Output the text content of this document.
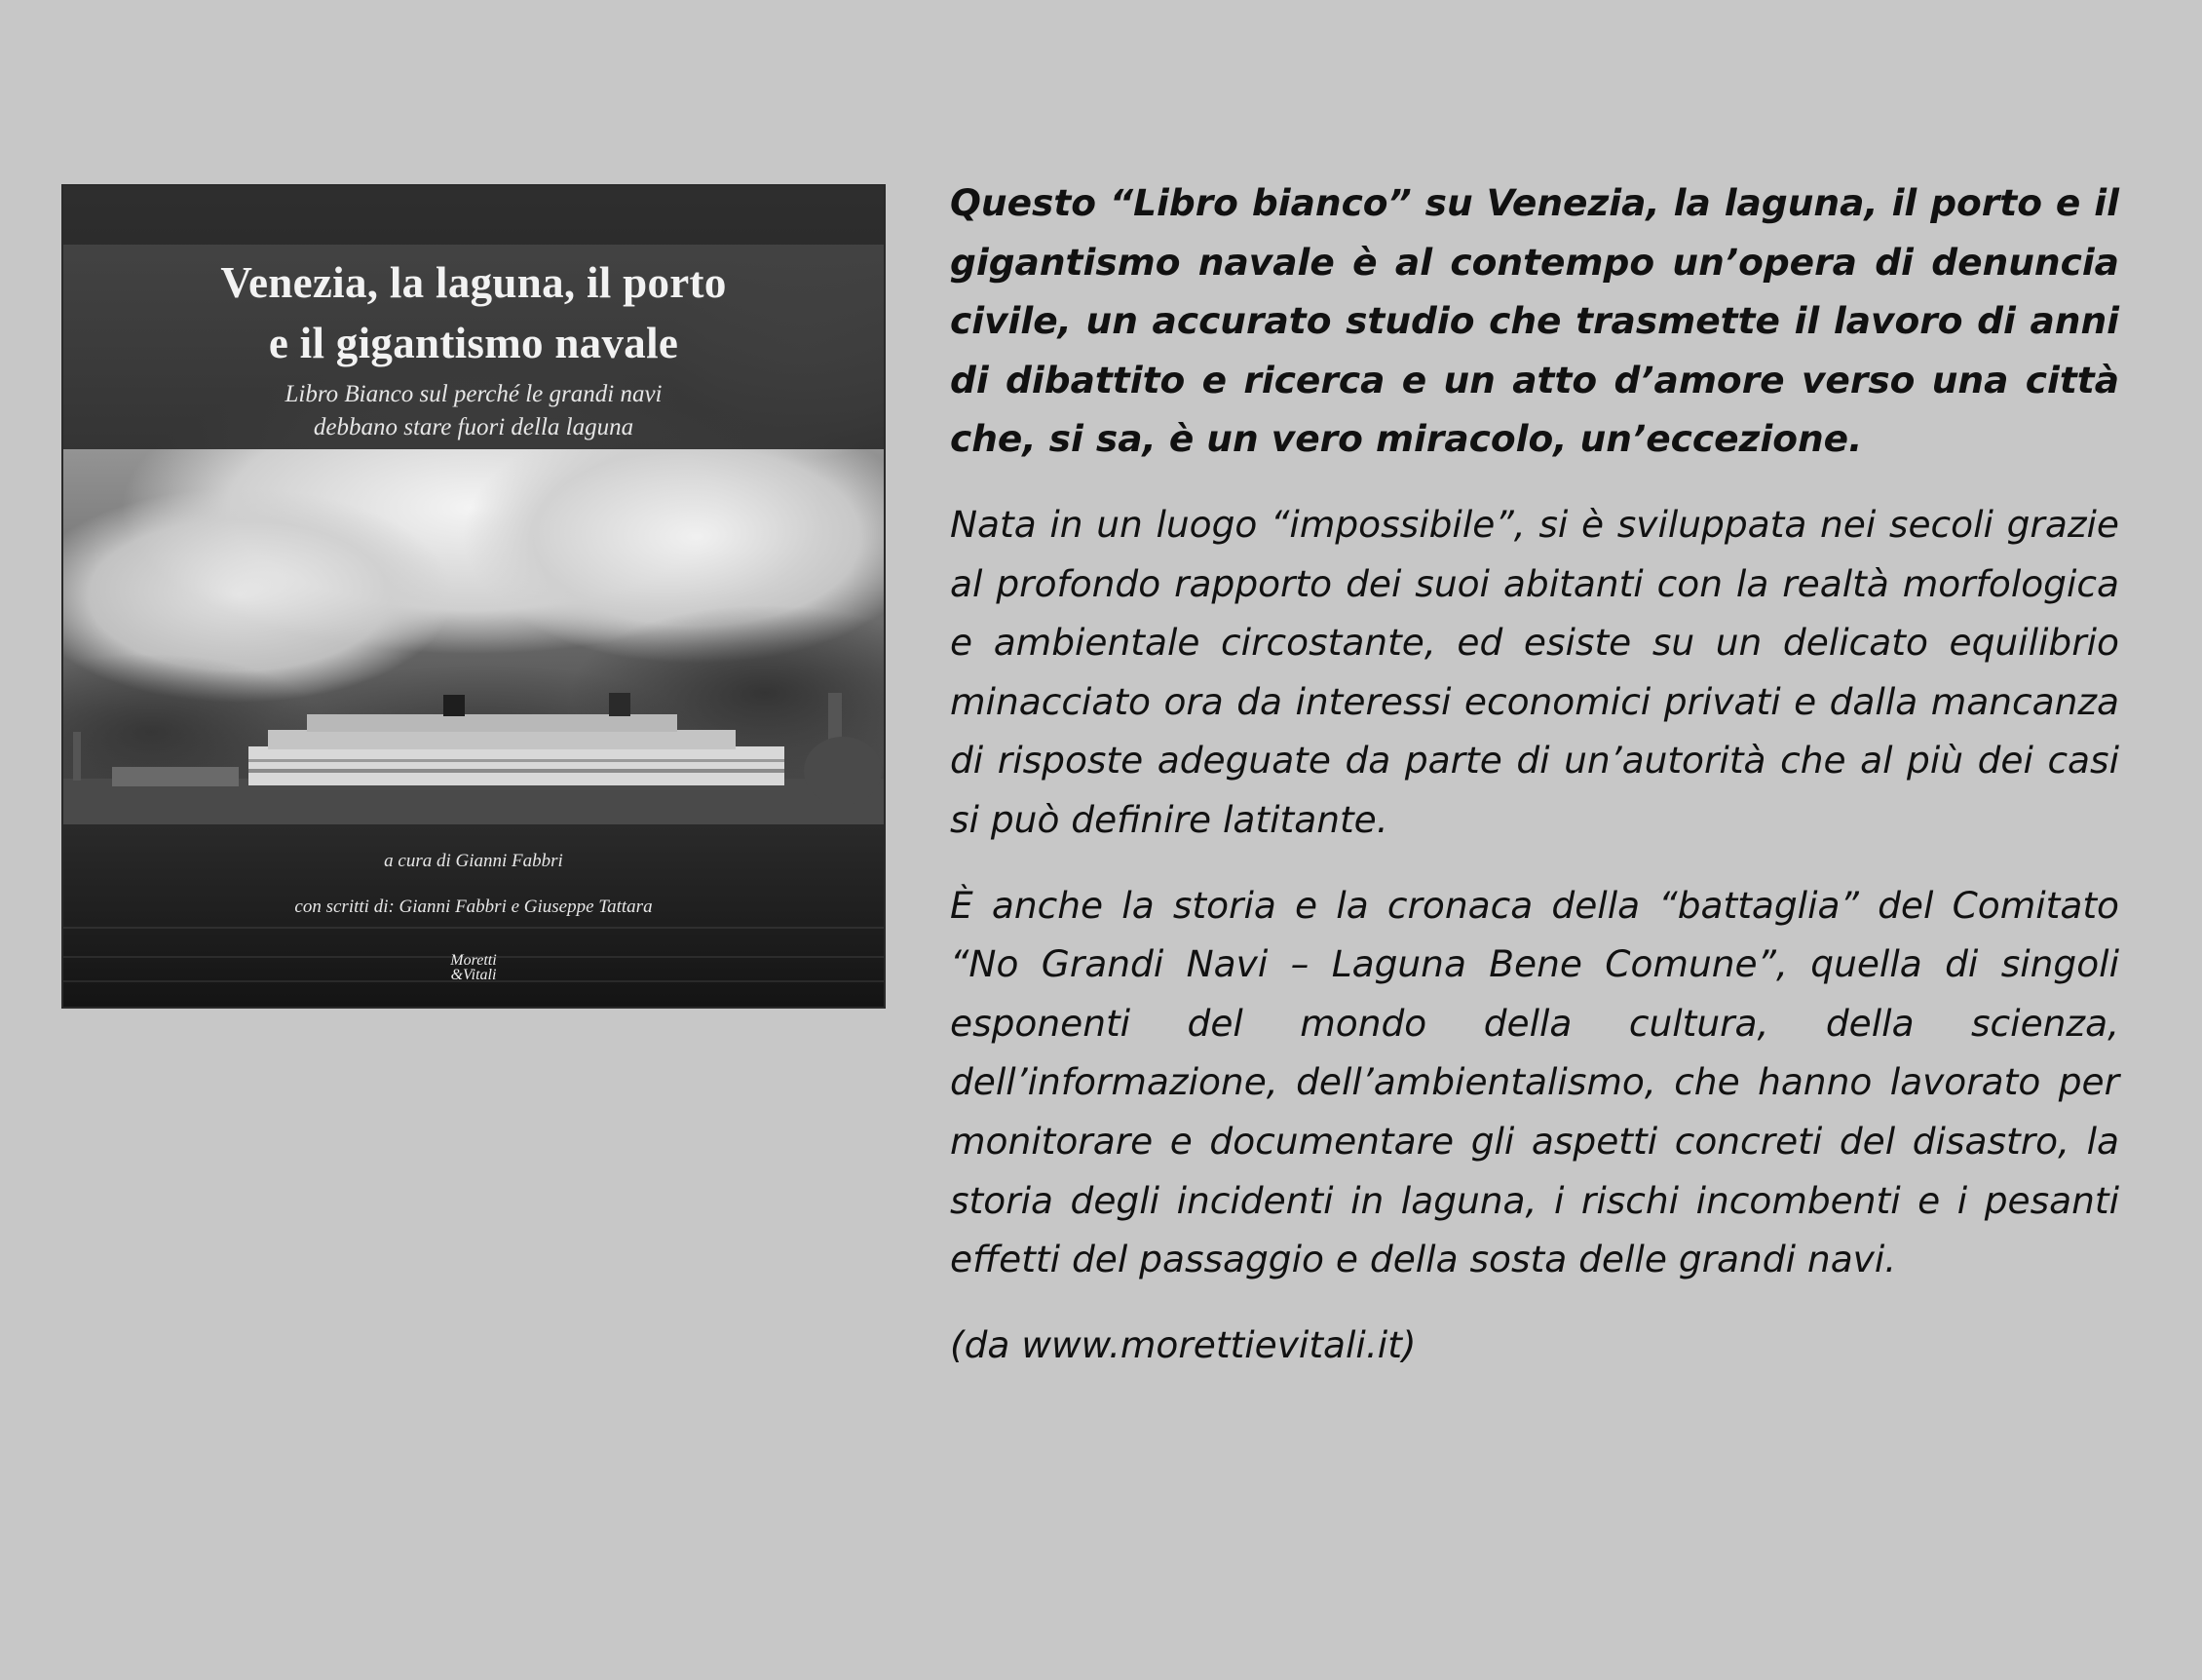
Venezia, la laguna, il porto
e il gigantismo navale
Libro Bianco sul perché le grandi navi
debbano stare fuori della laguna
a cura di Gianni Fabbri
con scritti di: Gianni Fabbri e Giuseppe Tattara
Moretti
&Vitali

Questo “Libro bianco” su Venezia, la laguna, il porto e il gigantismo navale è al contempo un’opera di denuncia civile, un accurato studio che trasmette il lavoro di anni di dibattito e ricerca e un atto d’amore verso una città che, si sa, è un vero miracolo, un’eccezione.

Nata in un luogo “impossibile”, si è sviluppata nei secoli grazie al profondo rapporto dei suoi abitanti con la realtà morfologica e ambientale circostante, ed esiste su un delicato equilibrio minacciato ora da interessi economici privati e dalla mancanza di risposte adeguate da parte di un’autorità che al più dei casi si può definire latitante.

È anche la storia e la cronaca della “battaglia” del Comitato “No Grandi Navi – Laguna Bene Comune”, quella di singoli esponenti del mondo della cultura, della scienza, dell’informazione, dell’ambientalismo, che hanno lavorato per monitorare e documentare gli aspetti concreti del disastro, la storia degli incidenti in laguna, i rischi incombenti e i pesanti effetti del passaggio e della sosta delle grandi navi.

(da www.morettievitali.it)
